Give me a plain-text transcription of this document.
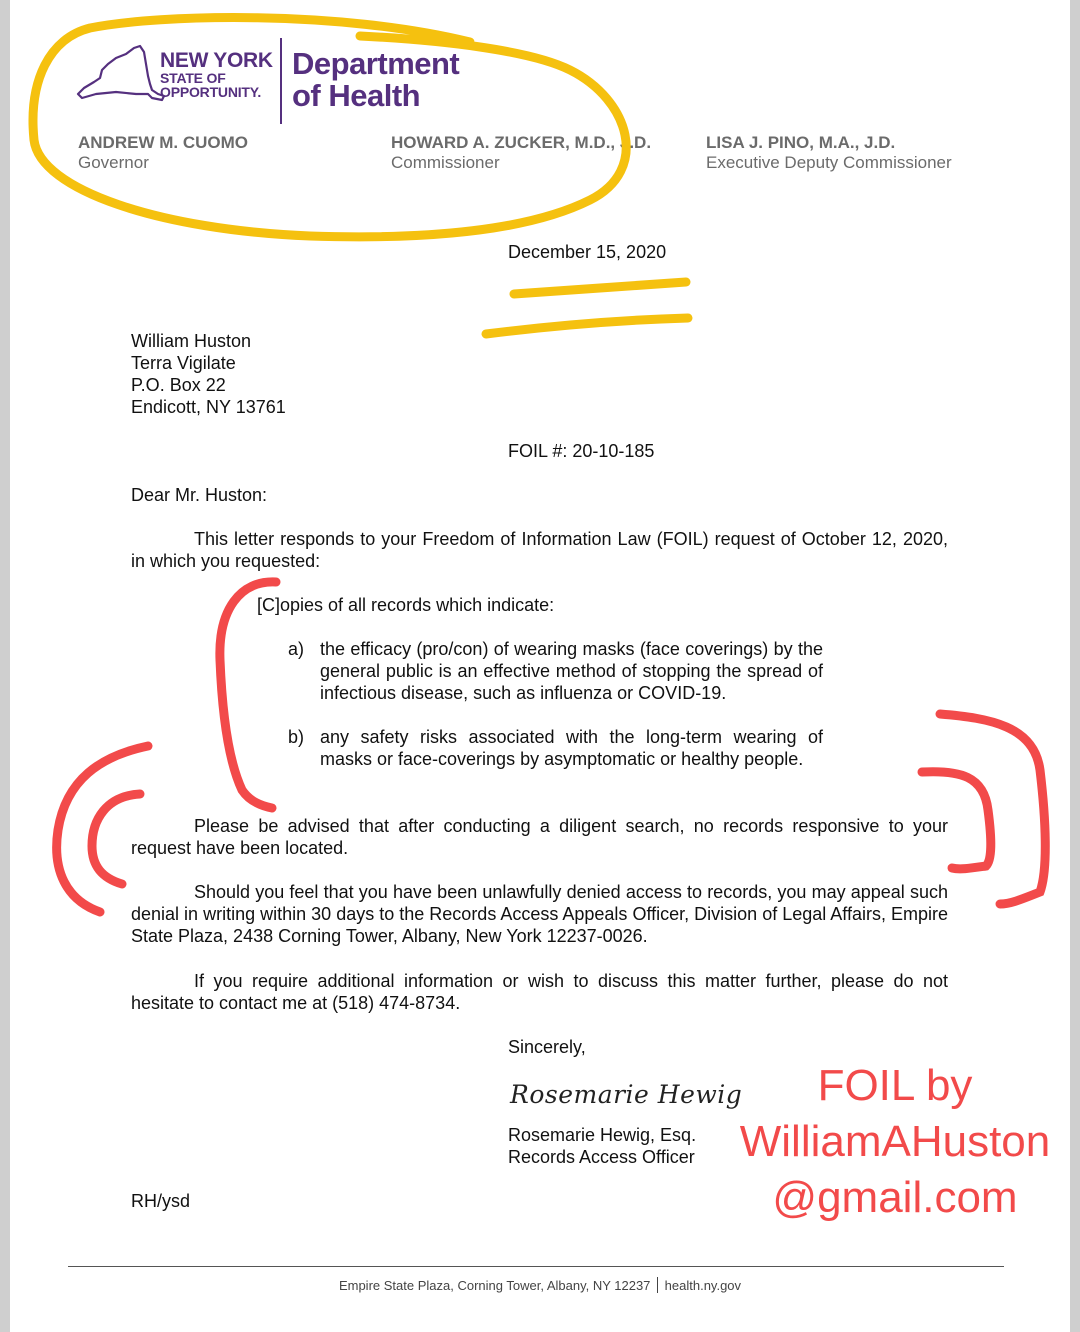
NEW YORK
STATE OF
OPPORTUNITY.
Department
of Health
ANDREW M. CUOMO
Governor
HOWARD A. ZUCKER, M.D., J.D.
Commissioner
LISA J. PINO, M.A., J.D.
Executive Deputy Commissioner
December 15, 2020
William Huston
Terra Vigilate
P.O. Box 22
Endicott, NY 13761
FOIL #: 20-10-185
Dear Mr. Huston:
This letter responds to your Freedom of Information Law (FOIL) request of October 12, 2020, in which you requested:
[C]opies of all records which indicate:
a) the efficacy (pro/con) of wearing masks (face coverings) by the general public is an effective method of stopping the spread of infectious disease, such as influenza or COVID-19.
b) any safety risks associated with the long-term wearing of masks or face-coverings by asymptomatic or healthy people.
Please be advised that after conducting a diligent search, no records responsive to your request have been located.
Should you feel that you have been unlawfully denied access to records, you may appeal such denial in writing within 30 days to the Records Access Appeals Officer, Division of Legal Affairs, Empire State Plaza, 2438 Corning Tower, Albany, New York 12237-0026.
If you require additional information or wish to discuss this matter further, please do not hesitate to contact me at (518) 474-8734.
Sincerely,
Rosemarie Hewig
Rosemarie Hewig, Esq.
Records Access Officer
RH/ysd
FOIL by
WilliamAHuston
@gmail.com
Empire State Plaza, Corning Tower, Albany, NY 12237 health.ny.gov
